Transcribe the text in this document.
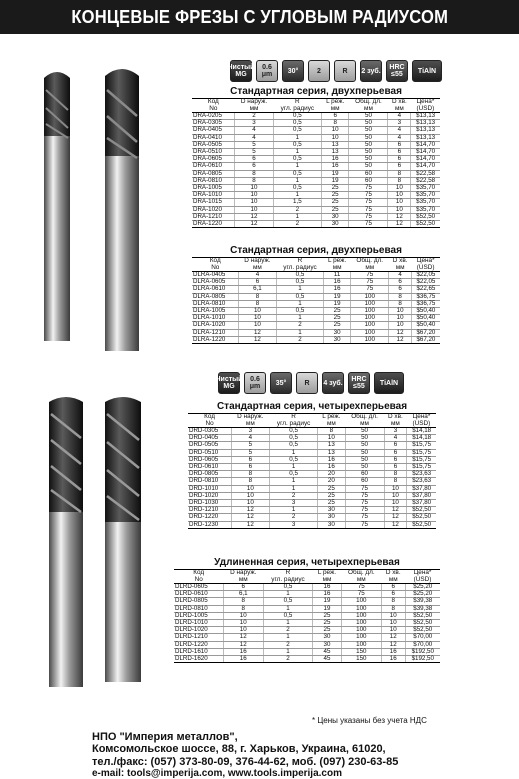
КОНЦЕВЫЕ ФРЕЗЫ С УГЛОВЫМ РАДИУСОМ
Чистый MG
0.6 μm	30°	2	R	2 зуб.	HRC ≤55	TiAlN
Чистый MG
0.6 μm	35°	R	4 зуб.	HRC ≤55	TiAlN
Стандартная серия, двухперьевая
Код	D наруж.	R	L реж.	Общ. дл.	D хв.	Цена*
No	мм	угл. радиус	мм	мм	мм	(USD)
DRA-0205	2	0,5	6	50	4	$13,13
DRA-0305	3	0,5	8	50	3	$13,13
DRA-0405	4	0,5	10	50	4	$13,13
DRA-0410	4	1	10	50	4	$13,13
DRA-0505	5	0,5	13	50	6	$14,70
DRA-0510	5	1	13	50	6	$14,70
DRA-0605	6	0,5	16	50	6	$14,70
DRA-0610	6	1	16	50	6	$14,70
DRA-0805	8	0,5	19	60	8	$22,58
DRA-0810	8	1	19	60	8	$22,58
DRA-1005	10	0,5	25	75	10	$35,70
DRA-1010	10	1	25	75	10	$35,70
DRA-1015	10	1,5	25	75	10	$35,70
DRA-1020	10	2	25	75	10	$35,70
DRA-1210	12	1	30	75	12	$52,50
DRA-1220	12	2	30	75	12	$52,50
Стандартная серия, двухперьевая
Код	D наруж.	R	L реж.	Общ. дл.	D хв.	Цена*
No	мм	угл. радиус	мм	мм	мм	(USD)
DLRA-0405	4	0,5	11	75	4	$22,05
DLRA-0605	6	0,5	16	75	6	$22,05
DLRA-0610	6,1	1	16	75	6	$22,65
DLRA-0805	8	0,5	19	100	8	$36,75
DLRA-0810	8	1	19	100	8	$36,75
DLRA-1005	10	0,5	25	100	10	$50,40
DLRA-1010	10	1	25	100	10	$50,40
DLRA-1020	10	2	25	100	10	$50,40
DLRA-1210	12	1	30	100	12	$67,20
DLRA-1220	12	2	30	100	12	$67,20
Стандартная серия, четырехперьевая
Код	D наруж.	R	L реж.	Общ. дл.	D хв.	Цена*
No	мм	угл. радиус	мм	мм	мм	(USD)
DRD-0305	3	0,5	8	50	3	$14,18
DRD-0405	4	0,5	10	50	4	$14,18
DRD-0505	5	0,5	13	50	6	$15,75
DRD-0510	5	1	13	50	6	$15,75
DRD-0605	6	0,5	16	50	6	$15,75
DRD-0610	6	1	16	50	6	$15,75
DRD-0805	8	0,5	20	60	8	$23,63
DRD-0810	8	1	20	60	8	$23,63
DRD-1010	10	1	25	75	10	$37,80
DRD-1020	10	2	25	75	10	$37,80
DRD-1030	10	3	25	75	10	$37,80
DRD-1210	12	1	30	75	12	$52,50
DRD-1220	12	2	30	75	12	$52,50
DRD-1230	12	3	30	75	12	$52,50
Удлиненная серия, четырехперьевая
Код	D наруж.	R	L реж.	Общ. дл.	D хв.	Цена*
No	мм	угл. радиус	мм	мм	мм	(USD)
DLRD-0605	6	0,5	16	75	6	$25,20
DLRD-0610	6,1	1	16	75	6	$25,20
DLRD-0805	8	0,5	19	100	8	$39,38
DLRD-0810	8	1	19	100	8	$39,38
DLRD-1005	10	0,5	25	100	10	$52,50
DLRD-1010	10	1	25	100	10	$52,50
DLRD-1020	10	2	25	100	10	$52,50
DLRD-1210	12	1	30	100	12	$70,00
DLRD-1220	12	2	30	100	12	$70,00
DLRD-1610	16	1	45	150	16	$192,50
DLRD-1620	16	2	45	150	16	$192,50
* Цены указаны без учета НДС
НПО "Империя металлов",
Комсомольское шоссе, 88, г. Харьков, Украина, 61020,
тел./факс: (057) 373-80-09, 376-44-62, моб. (097) 230-63-85
e-mail: tools@imperija.com, www.tools.imperija.com
